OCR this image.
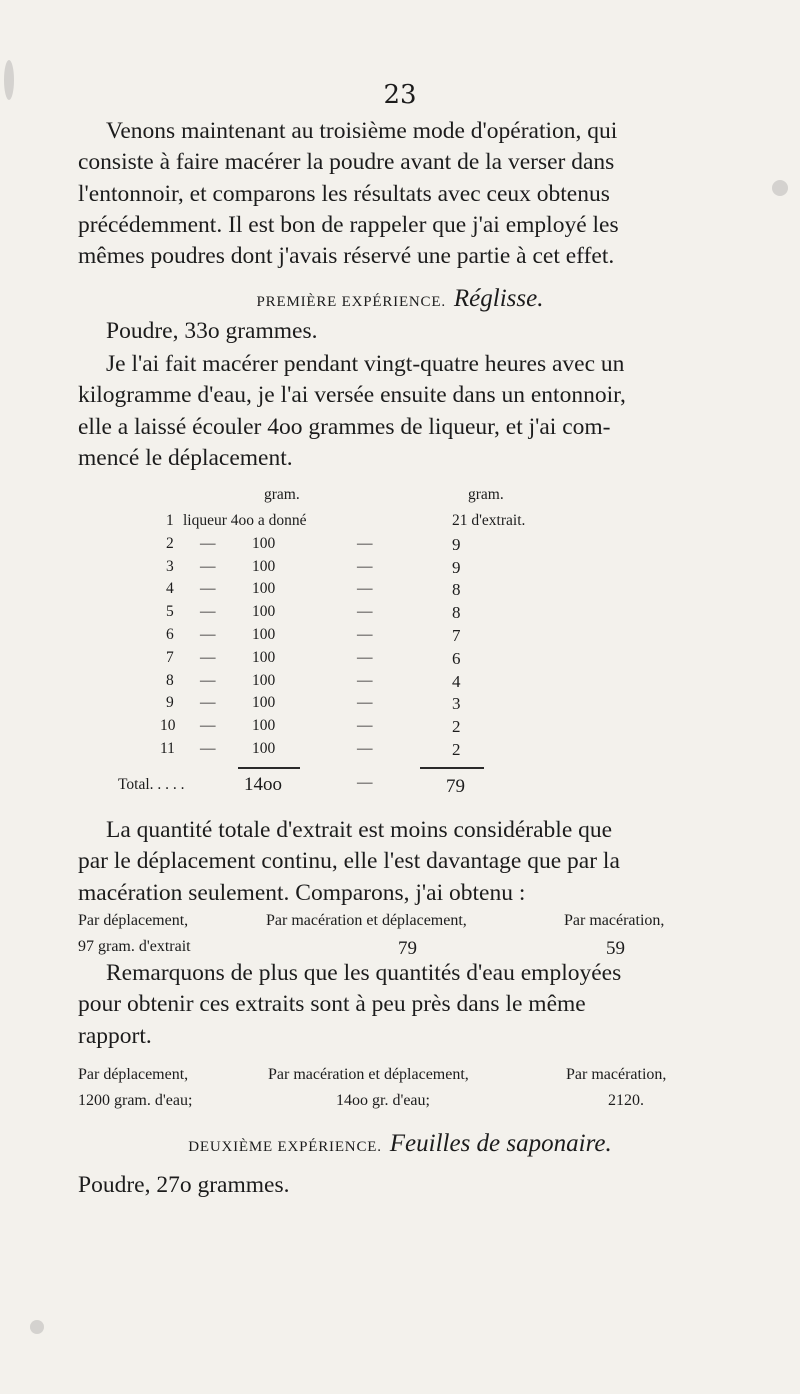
23
Venons maintenant au troisième mode d'opération, qui
consiste à faire macérer la poudre avant de la verser dans
l'entonnoir, et comparons les résultats avec ceux obtenus
précédemment. Il est bon de rappeler que j'ai employé les
mêmes poudres dont j'avais réservé une partie à cet effet.
PREMIÈRE EXPÉRIENCE. Réglisse.
Poudre, 33o grammes.
Je l'ai fait macérer pendant vingt-quatre heures avec un
kilogramme d'eau, je l'ai versée ensuite dans un entonnoir,
elle a laissé écouler 4oo grammes de liqueur, et j'ai com-
mencé le déplacement.
gram.	gram.
1 liqueur 4oo a donné	21 d'extrait.
2 — 100	—	9
3 — 100	—	9
4 — 100	—	8
5 — 100	—	8
6 — 100	—	7
7 — 100	—	6
8 — 100	—	4
9 — 100	—	3
10 — 100	—	2
11 — 100	—	2
Total. . . . .	14oo	—	79
La quantité totale d'extrait est moins considérable que
par le déplacement continu, elle l'est davantage que par la
macération seulement. Comparons, j'ai obtenu :
Par déplacement,	Par macération et déplacement,	Par macération,
97 gram. d'extrait	79	59
Remarquons de plus que les quantités d'eau employées
pour obtenir ces extraits sont à peu près dans le même
rapport.
Par déplacement,	Par macération et déplacement,	Par macération,
1200 gram. d'eau;	14oo gr. d'eau;	2120.
DEUXIÈME EXPÉRIENCE. Feuilles de saponaire.
Poudre, 27o grammes.
